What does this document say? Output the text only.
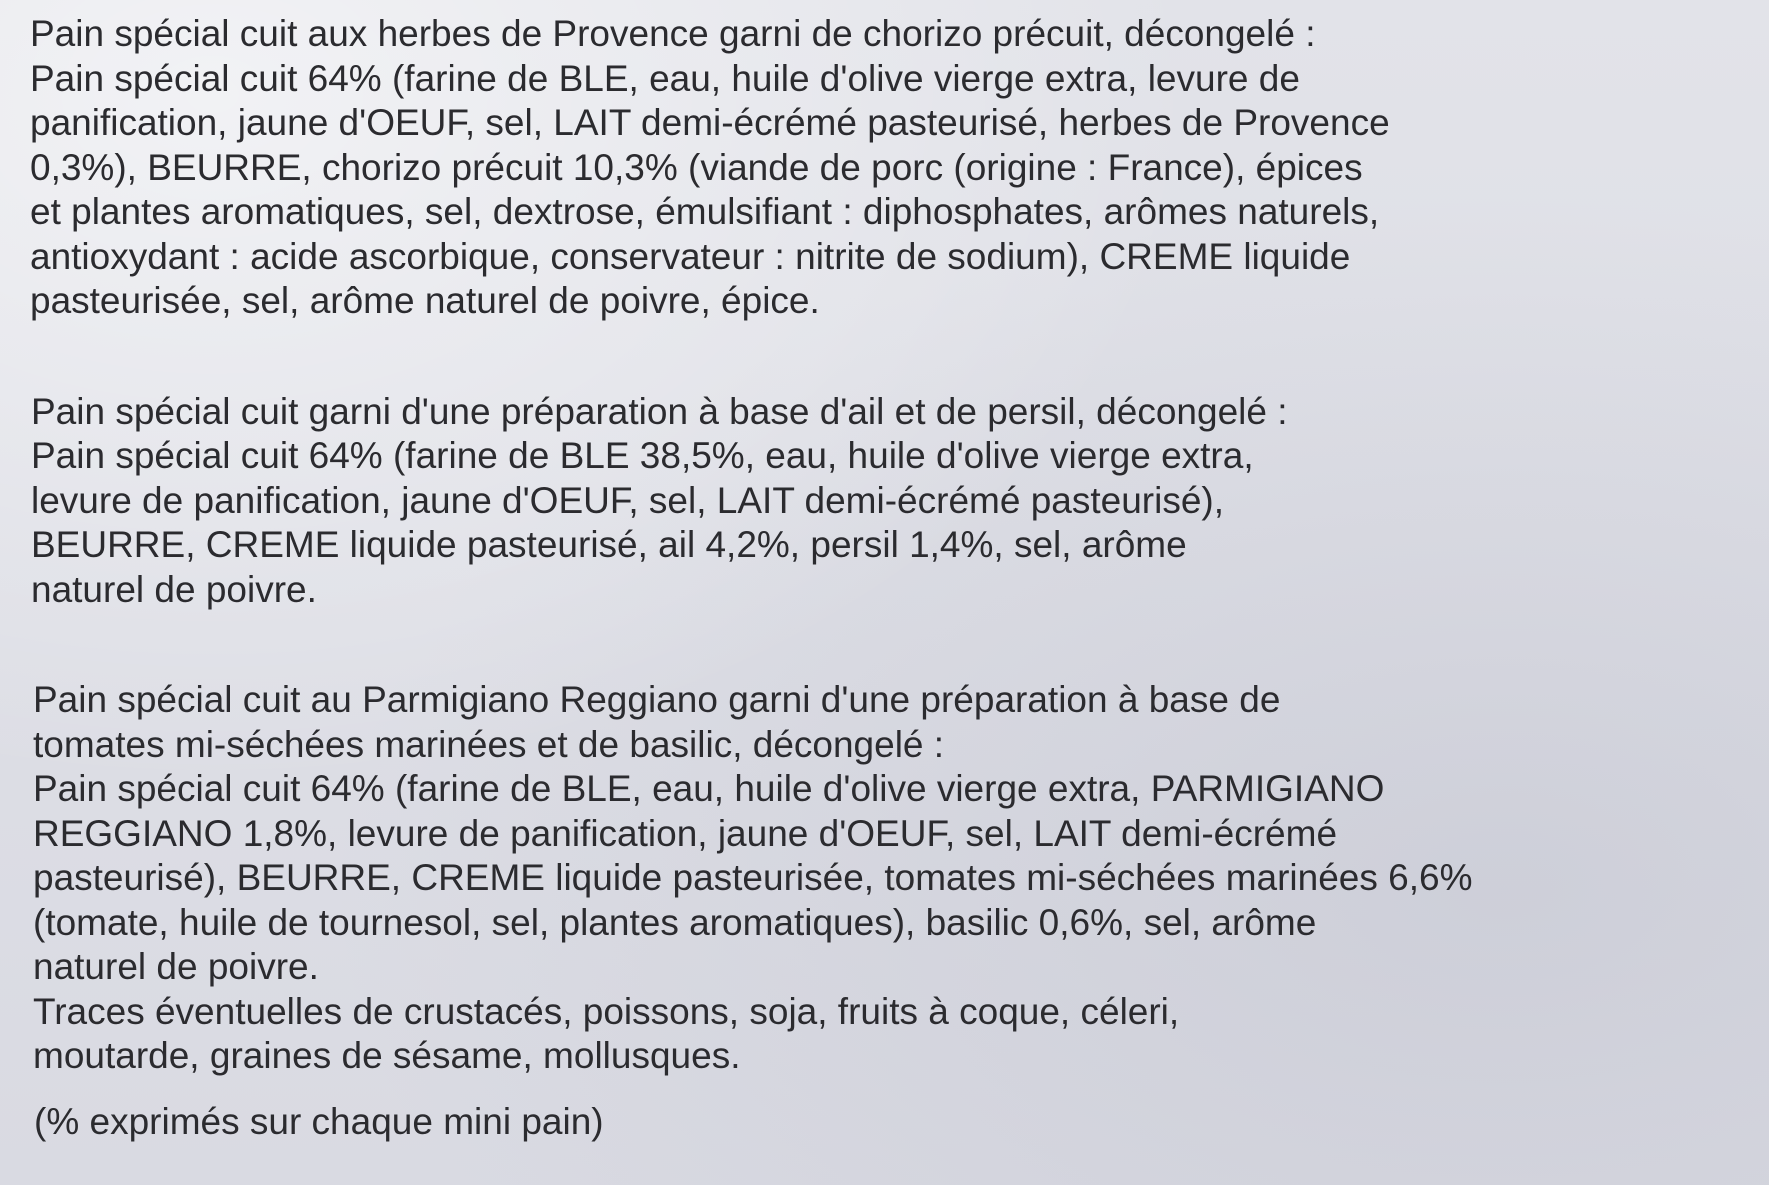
Pain spécial cuit aux herbes de Provence garni de chorizo précuit, décongelé :
Pain spécial cuit 64% (farine de BLE, eau, huile d'olive vierge extra, levure de
panification, jaune d'OEUF, sel, LAIT demi-écrémé pasteurisé, herbes de Provence
0,3%), BEURRE, chorizo précuit 10,3% (viande de porc (origine : France), épices
et plantes aromatiques, sel, dextrose, émulsifiant : diphosphates, arômes naturels,
antioxydant : acide ascorbique, conservateur : nitrite de sodium), CREME liquide
pasteurisée, sel, arôme naturel de poivre, épice.
Pain spécial cuit garni d'une préparation à base d'ail et de persil, décongelé :
Pain spécial cuit 64% (farine de BLE 38,5%, eau, huile d'olive vierge extra,
levure de panification, jaune d'OEUF, sel, LAIT demi-écrémé pasteurisé),
BEURRE, CREME liquide pasteurisé, ail 4,2%, persil 1,4%, sel, arôme
naturel de poivre.
Pain spécial cuit au Parmigiano Reggiano garni d'une préparation à base de
tomates mi-séchées marinées et de basilic, décongelé :
Pain spécial cuit 64% (farine de BLE, eau, huile d'olive vierge extra, PARMIGIANO
REGGIANO 1,8%, levure de panification, jaune d'OEUF, sel, LAIT demi-écrémé
pasteurisé), BEURRE, CREME liquide pasteurisée, tomates mi-séchées marinées 6,6%
(tomate, huile de tournesol, sel, plantes aromatiques), basilic 0,6%, sel, arôme
naturel de poivre.
Traces éventuelles de crustacés, poissons, soja, fruits à coque, céleri,
moutarde, graines de sésame, mollusques.
(% exprimés sur chaque mini pain)
